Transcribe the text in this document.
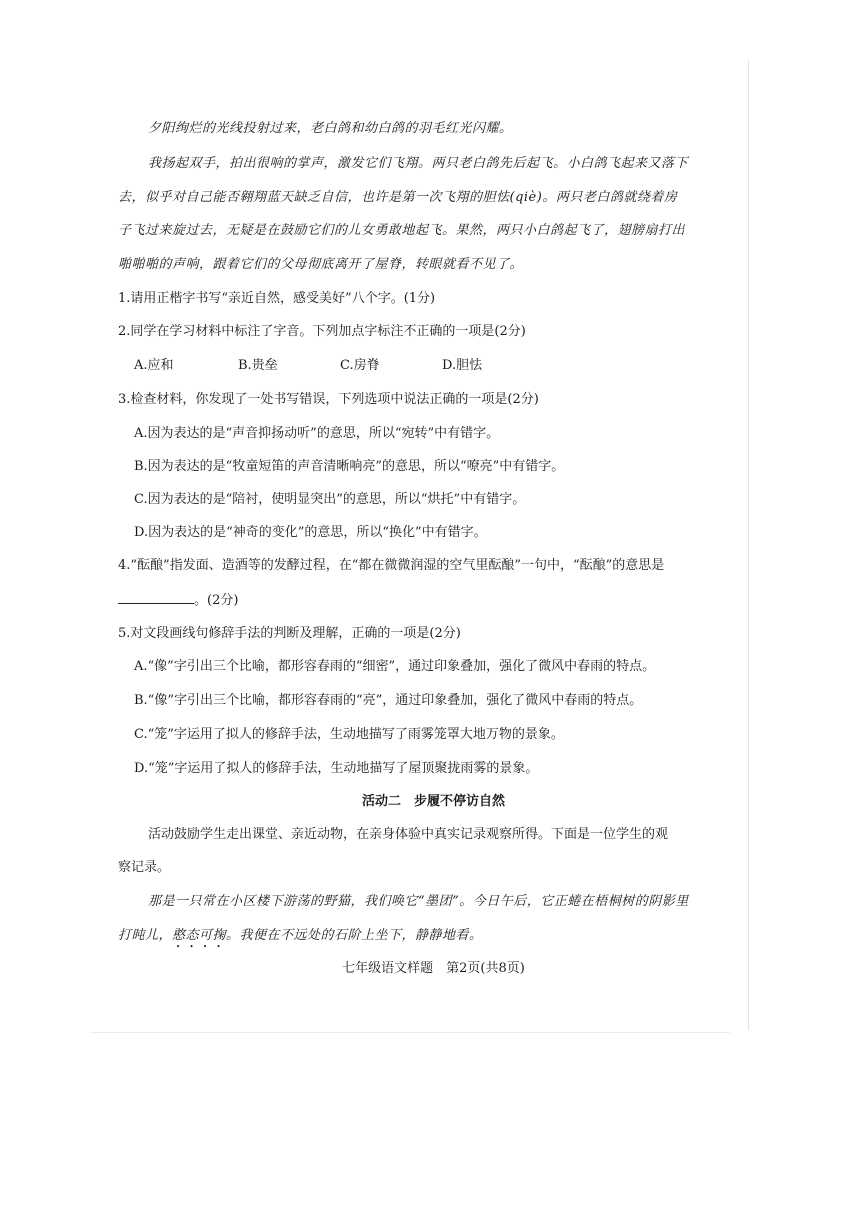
夕阳绚烂的光线投射过来，老白鸽和幼白鸽的羽毛红光闪耀。
我扬起双手，拍出很响的掌声，激发它们飞翔。两只老白鸽先后起飞。小白鸽飞起来又落下
去，似乎对自己能否翱翔蓝天缺乏自信，也许是第一次飞翔的胆怯(qiè)。两只老白鸽就绕着房
子飞过来旋过去，无疑是在鼓励它们的儿女勇敢地起飞。果然，两只小白鸽起飞了，翅膀扇打出
啪啪啪的声响，跟着它们的父母彻底离开了屋脊，转眼就看不见了。
1.请用正楷字书写“亲近自然，感受美好”八个字。(1分)
2.同学在学习材料中标注了字音。下列加点字标注不正确的一项是(2分)
A.应和	B.贵垒	C.房脊	D.胆怯
3.检查材料，你发现了一处书写错误，下列选项中说法正确的一项是(2分)
A.因为表达的是“声音抑扬动听”的意思，所以“宛转”中有错字。
B.因为表达的是“牧童短笛的声音清晰响亮”的意思，所以“嘹亮”中有错字。
C.因为表达的是“陪衬，使明显突出”的意思，所以“烘托”中有错字。
D.因为表达的是“神奇的变化”的意思，所以“换化”中有错字。
4.“酝酿”指发面、造酒等的发酵过程，在“都在微微润湿的空气里酝酿”一句中，“酝酿”的意思是
。(2分)
5.对文段画线句修辞手法的判断及理解，正确的一项是(2分)
A.“像”字引出三个比喻，都形容春雨的“细密”，通过印象叠加，强化了微风中春雨的特点。
B.“像”字引出三个比喻，都形容春雨的“亮”，通过印象叠加，强化了微风中春雨的特点。
C.“笼”字运用了拟人的修辞手法，生动地描写了雨雾笼罩大地万物的景象。
D.“笼”字运用了拟人的修辞手法，生动地描写了屋顶聚拢雨雾的景象。
活动二　步履不停访自然
活动鼓励学生走出课堂、亲近动物，在亲身体验中真实记录观察所得。下面是一位学生的观
察记录。
那是一只常在小区楼下游荡的野猫，我们唤它“墨团”。今日午后，它正蜷在梧桐树的阴影里
打盹儿，憨态可掬。我便在不远处的石阶上坐下，静静地看。
七年级语文样题　第2页(共8页)
